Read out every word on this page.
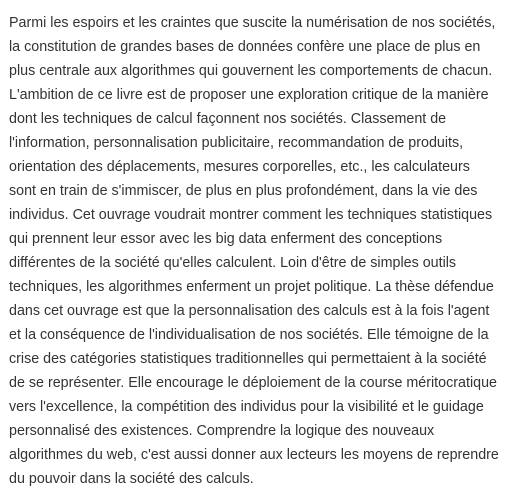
Parmi les espoirs et les craintes que suscite la numérisation de nos sociétés,
la constitution de grandes bases de données confère une place de plus en
plus centrale aux algorithmes qui gouvernent les comportements de chacun.
L'ambition de ce livre est de proposer une exploration critique de la manière
dont les techniques de calcul façonnent nos sociétés. Classement de
l'information, personnalisation publicitaire, recommandation de produits,
orientation des déplacements, mesures corporelles, etc., les calculateurs
sont en train de s'immiscer, de plus en plus profondément, dans la vie des
individus. Cet ouvrage voudrait montrer comment les techniques statistiques
qui prennent leur essor avec les big data enferment des conceptions
différentes de la société qu'elles calculent. Loin d'être de simples outils
techniques, les algorithmes enferment un projet politique. La thèse défendue
dans cet ouvrage est que la personnalisation des calculs est à la fois l'agent
et la conséquence de l'individualisation de nos sociétés. Elle témoigne de la
crise des catégories statistiques traditionnelles qui permettaient à la société
de se représenter. Elle encourage le déploiement de la course méritocratique
vers l'excellence, la compétition des individus pour la visibilité et le guidage
personnalisé des existences. Comprendre la logique des nouveaux
algorithmes du web, c'est aussi donner aux lecteurs les moyens de reprendre
du pouvoir dans la société des calculs.
